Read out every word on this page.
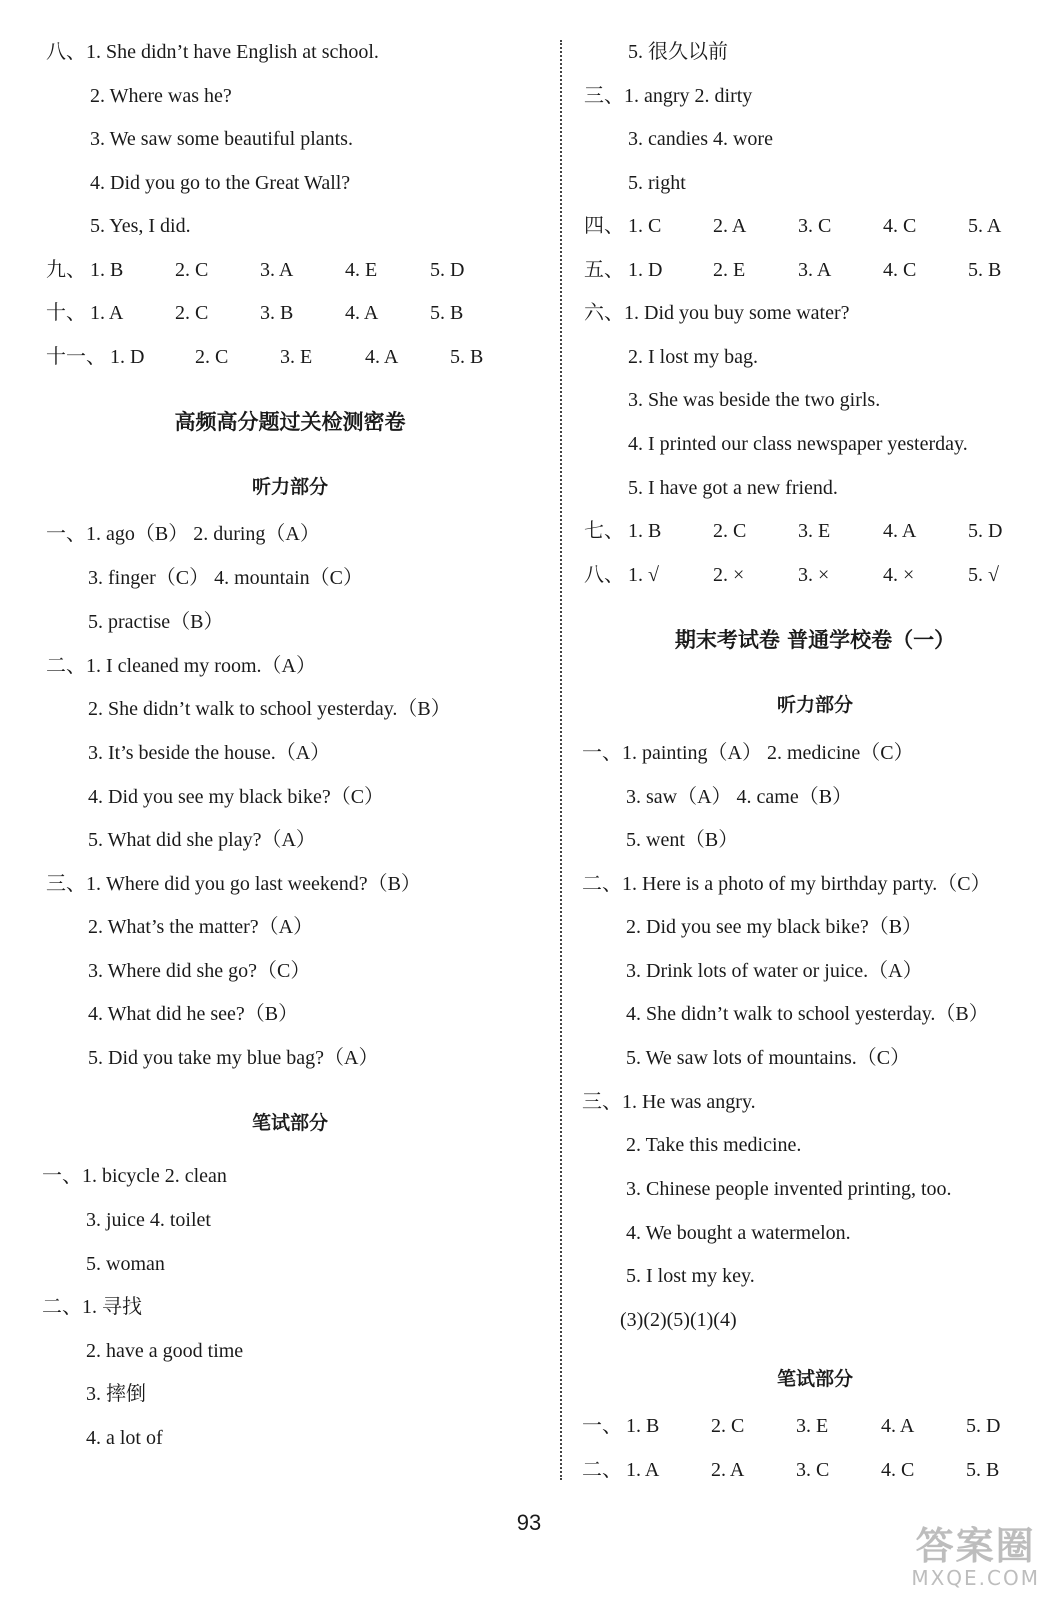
高频高分题过关检测密卷
听力部分
笔试部分
期末考试卷 普通学校卷（一）
听力部分
笔试部分
八、1. She didn’t have English at school.
2. Where was he?
3. We saw some beautiful plants.
4. Did you go to the Great Wall?
5. Yes, I did.
九、 1. B	2. C	3. A	4. E	5. D
十、 1. A	2. C	3. B	4. A	5. B
十一、 1. D	2. C	3. E	4. A	5. B
一、1. ago（B） 2. during（A）
3. finger（C） 4. mountain（C）
5. practise（B）
二、1. I cleaned my room.（A）
2. She didn’t walk to school yesterday.（B）
3. It’s beside the house.（A）
4. Did you see my black bike?（C）
5. What did she play?（A）
三、1. Where did you go last weekend?（B）
2. What’s the matter?（A）
3. Where did she go?（C）
4. What did he see?（B）
5. Did you take my blue bag?（A）
一、1. bicycle 2. clean
3. juice 4. toilet
5. woman
二、1. 寻找
2. have a good time
3. 摔倒
4. a lot of
5. 很久以前
三、1. angry 2. dirty
3. candies 4. wore
5. right
四、 1. C	2. A	3. C	4. C	5. A
五、 1. D	2. E	3. A	4. C	5. B
六、1. Did you buy some water?
2. I lost my bag.
3. She was beside the two girls.
4. I printed our class newspaper yesterday.
5. I have got a new friend.
七、 1. B	2. C	3. E	4. A	5. D
八、 1. √	2. ×	3. ×	4. ×	5. √
一、1. painting（A） 2. medicine（C）
3. saw（A） 4. came（B）
5. went（B）
二、1. Here is a photo of my birthday party.（C）
2. Did you see my black bike?（B）
3. Drink lots of water or juice.（A）
4. She didn’t walk to school yesterday.（B）
5. We saw lots of mountains.（C）
三、1. He was angry.
2. Take this medicine.
3. Chinese people invented printing, too.
4. We bought a watermelon.
5. I lost my key.
(3)(2)(5)(1)(4)
一、 1. B	2. C	3. E	4. A	5. D
二、 1. A	2. A	3. C	4. C	5. B
93
答案圈
MXQE.COM
